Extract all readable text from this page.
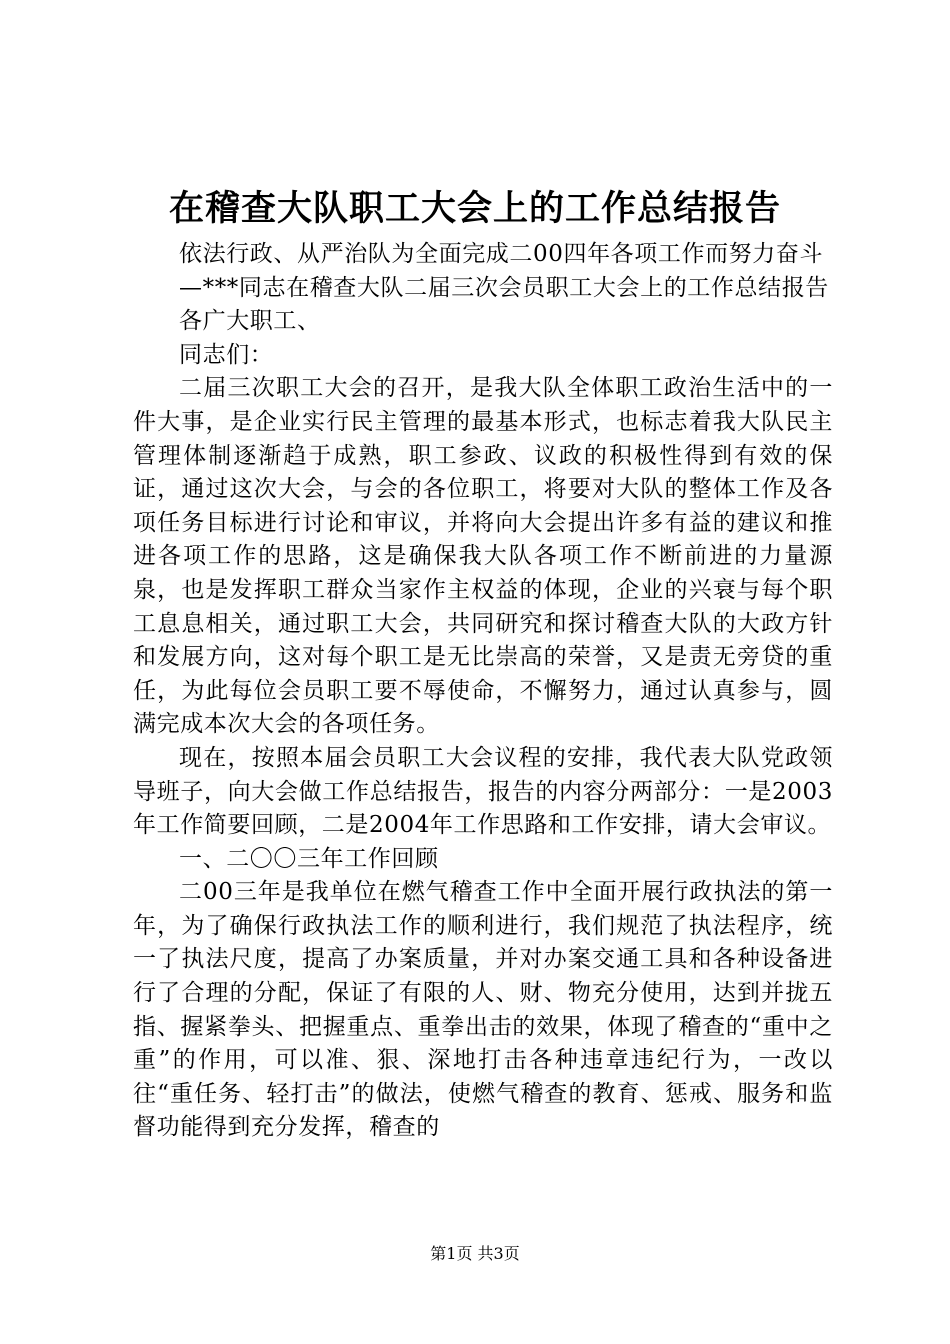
在稽查大队职工大会上的工作总结报告

依法行政、从严治队为全面完成二00四年各项工作而努力奋斗

—***同志在稽查大队二届三次会员职工大会上的工作总结报告

各广大职工、

同志们：

二届三次职工大会的召开，是我大队全体职工政治生活中的一件大事，是企业实行民主管理的最基本形式，也标志着我大队民主管理体制逐渐趋于成熟，职工参政、议政的积极性得到有效的保证，通过这次大会，与会的各位职工，将要对大队的整体工作及各项任务目标进行讨论和审议，并将向大会提出许多有益的建议和推进各项工作的思路，这是确保我大队各项工作不断前进的力量源泉，也是发挥职工群众当家作主权益的体现，企业的兴衰与每个职工息息相关，通过职工大会，共同研究和探讨稽查大队的大政方针和发展方向，这对每个职工是无比崇高的荣誉，又是责无旁贷的重任，为此每位会员职工要不辱使命，不懈努力，通过认真参与，圆满完成本次大会的各项任务。

现在，按照本届会员职工大会议程的安排，我代表大队党政领导班子，向大会做工作总结报告，报告的内容分两部分：一是2003年工作简要回顾，二是2004年工作思路和工作安排，请大会审议。

一、二〇〇三年工作回顾

二00三年是我单位在燃气稽查工作中全面开展行政执法的第一年，为了确保行政执法工作的顺利进行，我们规范了执法程序，统一了执法尺度，提高了办案质量，并对办案交通工具和各种设备进行了合理的分配，保证了有限的人、财、物充分使用，达到并拢五指、握紧拳头、把握重点、重拳出击的效果，体现了稽查的“重中之重”的作用，可以准、狠、深地打击各种违章违纪行为，一改以往“重任务、轻打击”的做法，使燃气稽查的教育、惩戒、服务和监督功能得到充分发挥，稽查的

第1页 共3页
